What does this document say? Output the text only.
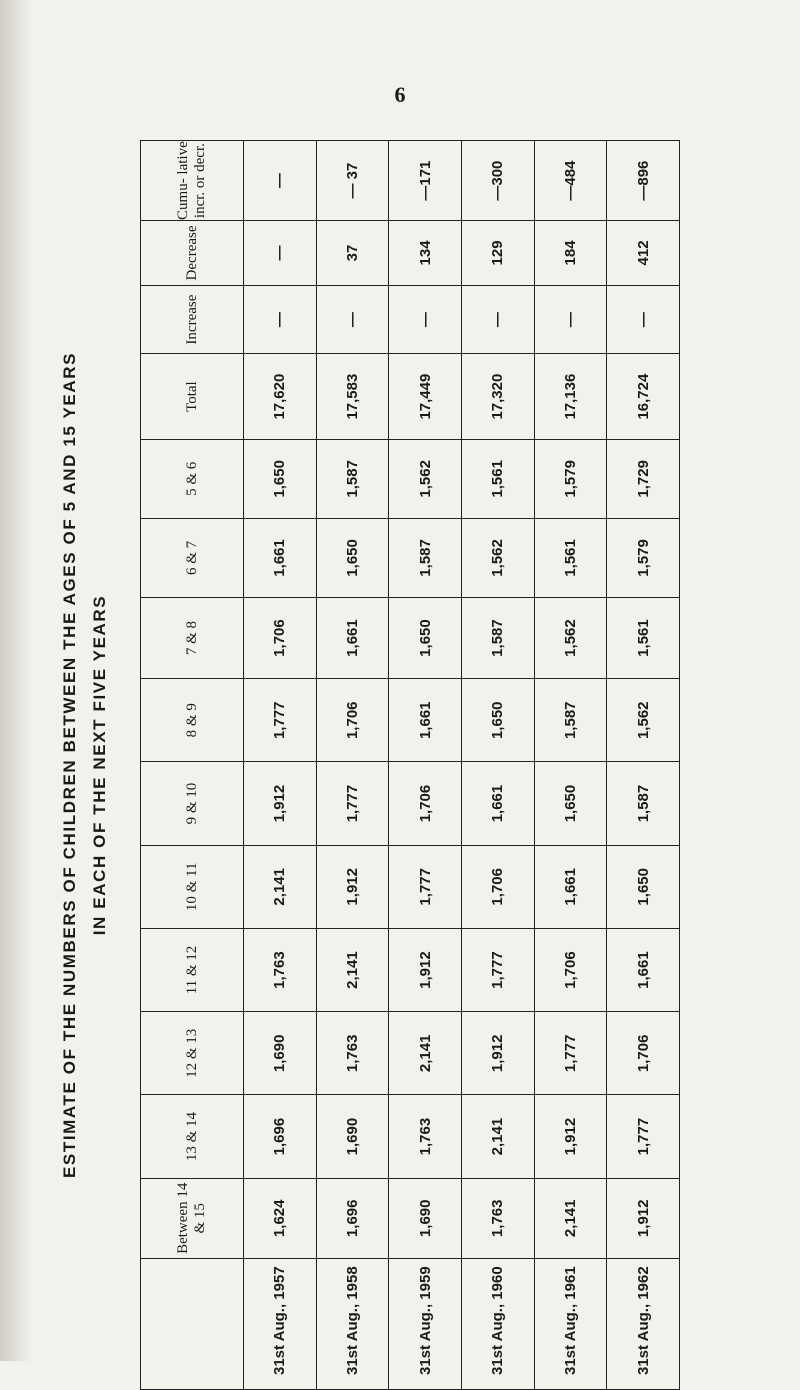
6
ESTIMATE OF THE NUMBERS OF CHILDREN BETWEEN THE AGES OF 5 AND 15 YEARS IN EACH OF THE NEXT FIVE YEARS
	Between 14 & 15	13 & 14	12 & 13	11 & 12	10 & 11	9 & 10	8 & 9	7 & 8	6 & 7	5 & 6	Total	Increase	Decrease	Cumu- lative incr. or decr.
31st Aug., 1957	1,624	1,696	1,690	1,763	2,141	1,912	1,777	1,706	1,661	1,650	17,620	—	—	—
31st Aug., 1958	1,696	1,690	1,763	2,141	1,912	1,777	1,706	1,661	1,650	1,587	17,583	—	37	— 37
31st Aug., 1959	1,690	1,763	2,141	1,912	1,777	1,706	1,661	1,650	1,587	1,562	17,449	—	134	—171
31st Aug., 1960	1,763	2,141	1,912	1,777	1,706	1,661	1,650	1,587	1,562	1,561	17,320	—	129	—300
31st Aug., 1961	2,141	1,912	1,777	1,706	1,661	1,650	1,587	1,562	1,561	1,579	17,136	—	184	—484
31st Aug., 1962	1,912	1,777	1,706	1,661	1,650	1,587	1,562	1,561	1,579	1,729	16,724	—	412	—896
